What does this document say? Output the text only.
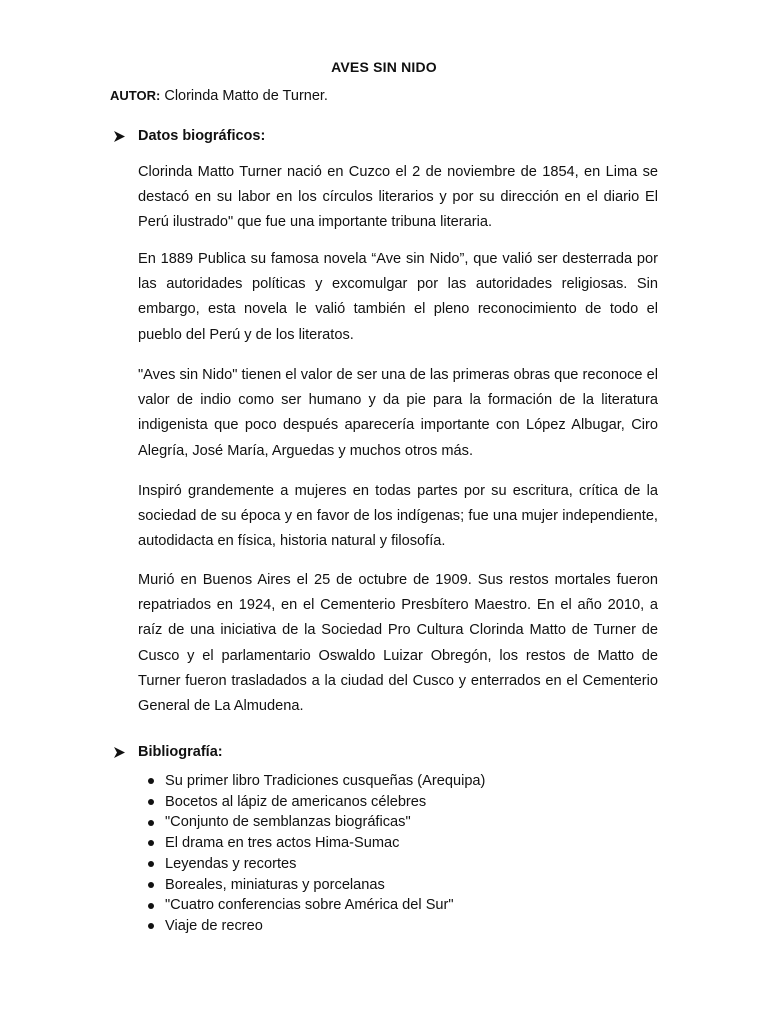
AVES SIN NIDO
AUTOR: Clorinda Matto de Turner.
Datos biográficos:

Clorinda Matto Turner nació en Cuzco el 2 de noviembre de 1854, en Lima se destacó en su labor en los círculos literarios y por su dirección en el diario El Perú ilustrado" que fue una importante tribuna literaria.

En 1889 Publica su famosa novela “Ave sin Nido”, que valió ser desterrada por las autoridades políticas y excomulgar por las autoridades religiosas. Sin embargo, esta novela le valió también el pleno reconocimiento de todo el pueblo del Perú y de los literatos.

"Aves sin Nido" tienen el valor de ser una de las primeras obras que reconoce el valor de indio como ser humano y da pie para la formación de la literatura indigenista que poco después aparecería importante con López Albugar, Ciro Alegría, José María, Arguedas y muchos otros más.

Inspiró grandemente a mujeres en todas partes por su escritura, crítica de la sociedad de su época y en favor de los indígenas; fue una mujer independiente, autodidacta en física, historia natural y filosofía.

Murió en Buenos Aires el 25 de octubre de 1909. Sus restos mortales fueron repatriados en 1924, en el Cementerio Presbítero Maestro. En el año 2010, a raíz de una iniciativa de la Sociedad Pro Cultura Clorinda Matto de Turner de Cusco y el parlamentario Oswaldo Luizar Obregón, los restos de Matto de Turner fueron trasladados a la ciudad del Cusco y enterrados en el Cementerio General de La Almudena.

Bibliografía:
Su primer libro Tradiciones cusqueñas (Arequipa)
Bocetos al lápiz de americanos célebres
"Conjunto de semblanzas biográficas"
El drama en tres actos Hima-Sumac
Leyendas y recortes
Boreales, miniaturas y porcelanas
"Cuatro conferencias sobre América del Sur"
Viaje de recreo
